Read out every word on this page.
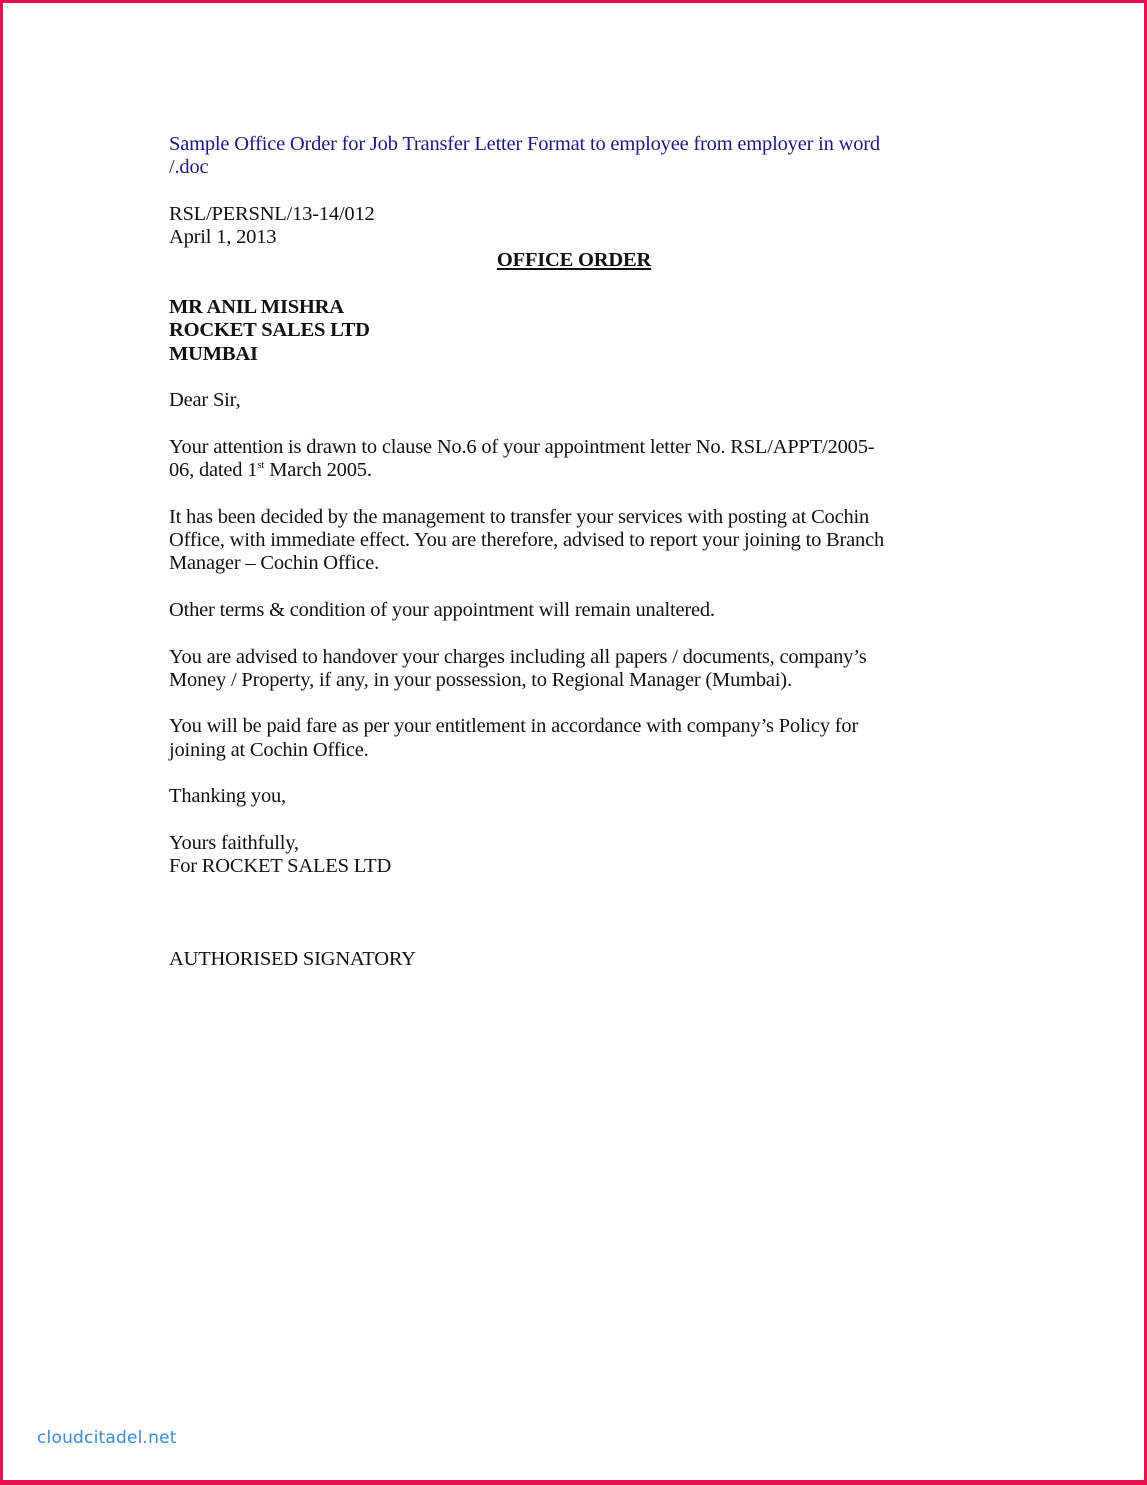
Sample Office Order for Job Transfer Letter Format to employee from employer in word
/.doc
RSL/PERSNL/13-14/012
April 1, 2013
OFFICE ORDER
MR ANIL MISHRA
ROCKET SALES LTD
MUMBAI
Dear Sir,
Your attention is drawn to clause No.6 of your appointment letter No. RSL/APPT/2005-
06, dated 1st March 2005.
It has been decided by the management to transfer your services with posting at Cochin
Office, with immediate effect. You are therefore, advised to report your joining to Branch
Manager – Cochin Office.
Other terms & condition of your appointment will remain unaltered.
You are advised to handover your charges including all papers / documents, company’s
Money / Property, if any, in your possession, to Regional Manager (Mumbai).
You will be paid fare as per your entitlement in accordance with company’s Policy for
joining at Cochin Office.
Thanking you,
Yours faithfully,
For ROCKET SALES LTD
AUTHORISED SIGNATORY
cloudcitadel.net
